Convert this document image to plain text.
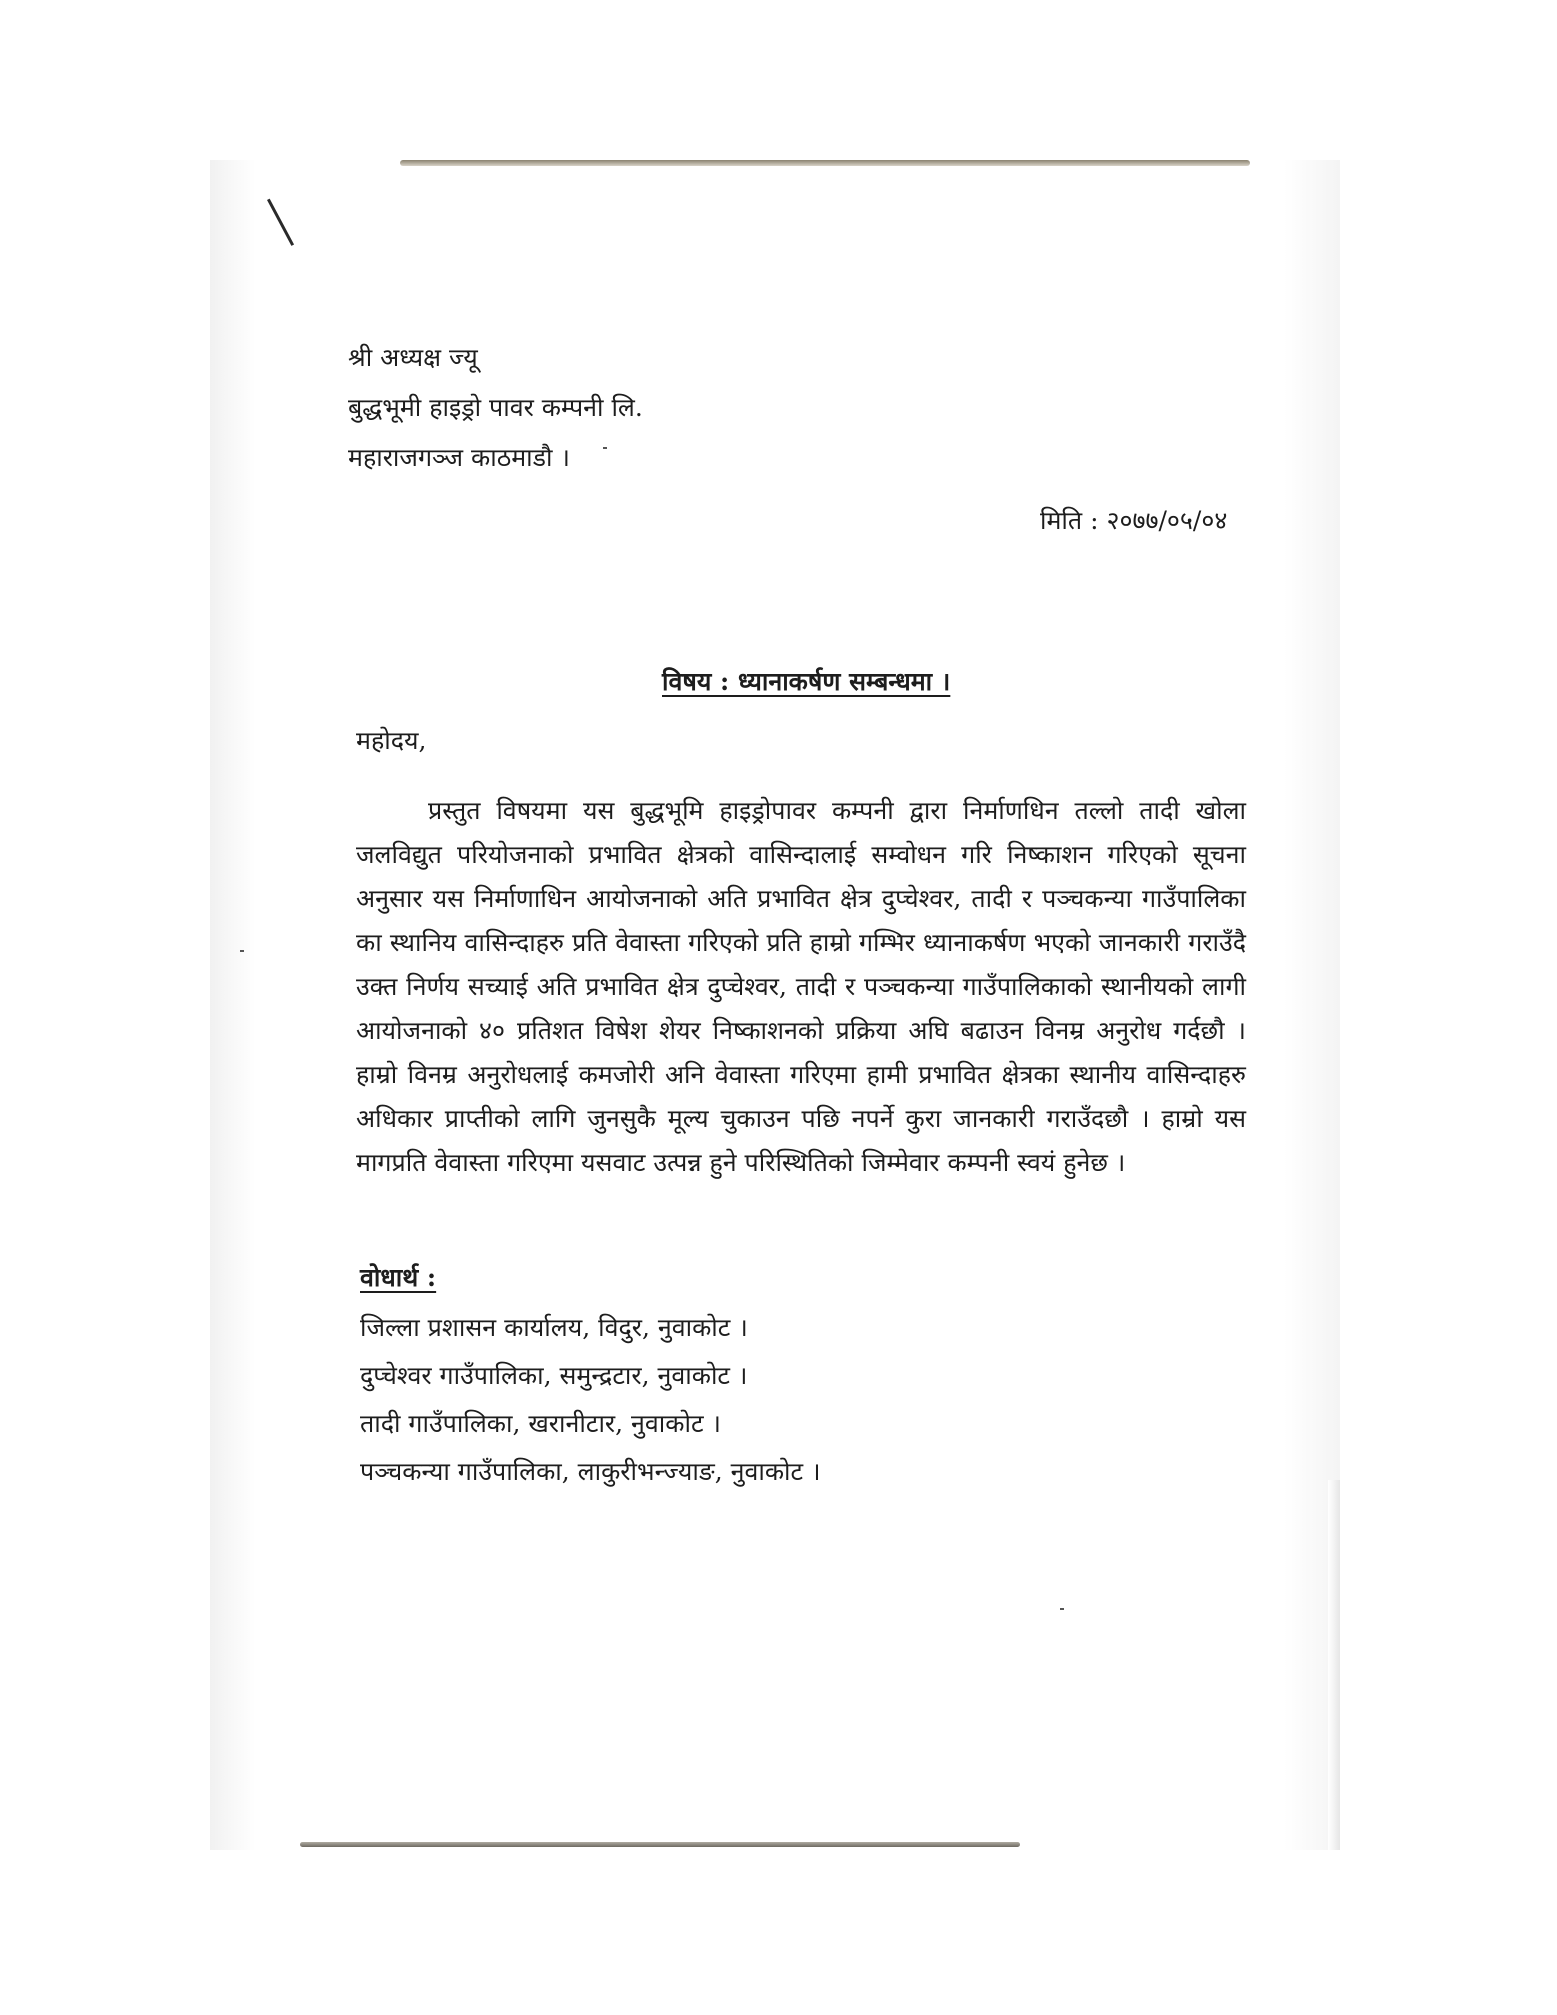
श्री अध्यक्ष ज्यू
बुद्धभूमी हाइड्रो पावर कम्पनी लि.
महाराजगञ्ज काठमाडौ ।
मिति : २०७७/०५/०४
विषय : ध्यानाकर्षण सम्बन्धमा ।
महोदय,

प्रस्तुत विषयमा यस बुद्धभूमि हाइड्रोपावर कम्पनी द्वारा निर्माणधिन तल्लो तादी खोला जलविद्युत परियोजनाको प्रभावित क्षेत्रको वासिन्दालाई सम्वोधन गरि निष्काशन गरिएको सूचना अनुसार यस निर्माणाधिन आयोजनाको अति प्रभावित क्षेत्र दुप्चेश्वर, तादी र पञ्चकन्या गाउँपालिका का स्थानिय वासिन्दाहरु प्रति वेवास्ता गरिएको प्रति हाम्रो गम्भिर ध्यानाकर्षण भएको जानकारी गराउँदै उक्त निर्णय सच्याई अति प्रभावित क्षेत्र दुप्चेश्वर, तादी र पञ्चकन्या गाउँपालिकाको स्थानीयको लागी आयोजनाको ४० प्रतिशत विषेश शेयर निष्काशनको प्रक्रिया अघि बढाउन विनम्र अनुरोध गर्दछौ । हाम्रो विनम्र अनुरोधलाई कमजोरी अनि वेवास्ता गरिएमा हामी प्रभावित क्षेत्रका स्थानीय वासिन्दाहरु अधिकार प्राप्तीको लागि जुनसुकै मूल्य चुकाउन पछि नपर्ने कुरा जानकारी गराउँदछौ । हाम्रो यस मागप्रति वेवास्ता गरिएमा यसवाट उत्पन्न हुने परिस्थितिको जिम्मेवार कम्पनी स्वयं हुनेछ ।

वोधार्थ :
जिल्ला प्रशासन कार्यालय, विदुर, नुवाकोट ।
दुप्चेश्वर गाउँपालिका, समुन्द्रटार, नुवाकोट ।
तादी गाउँपालिका, खरानीटार, नुवाकोट ।
पञ्चकन्या गाउँपालिका, लाकुरीभन्ज्याङ, नुवाकोट ।
